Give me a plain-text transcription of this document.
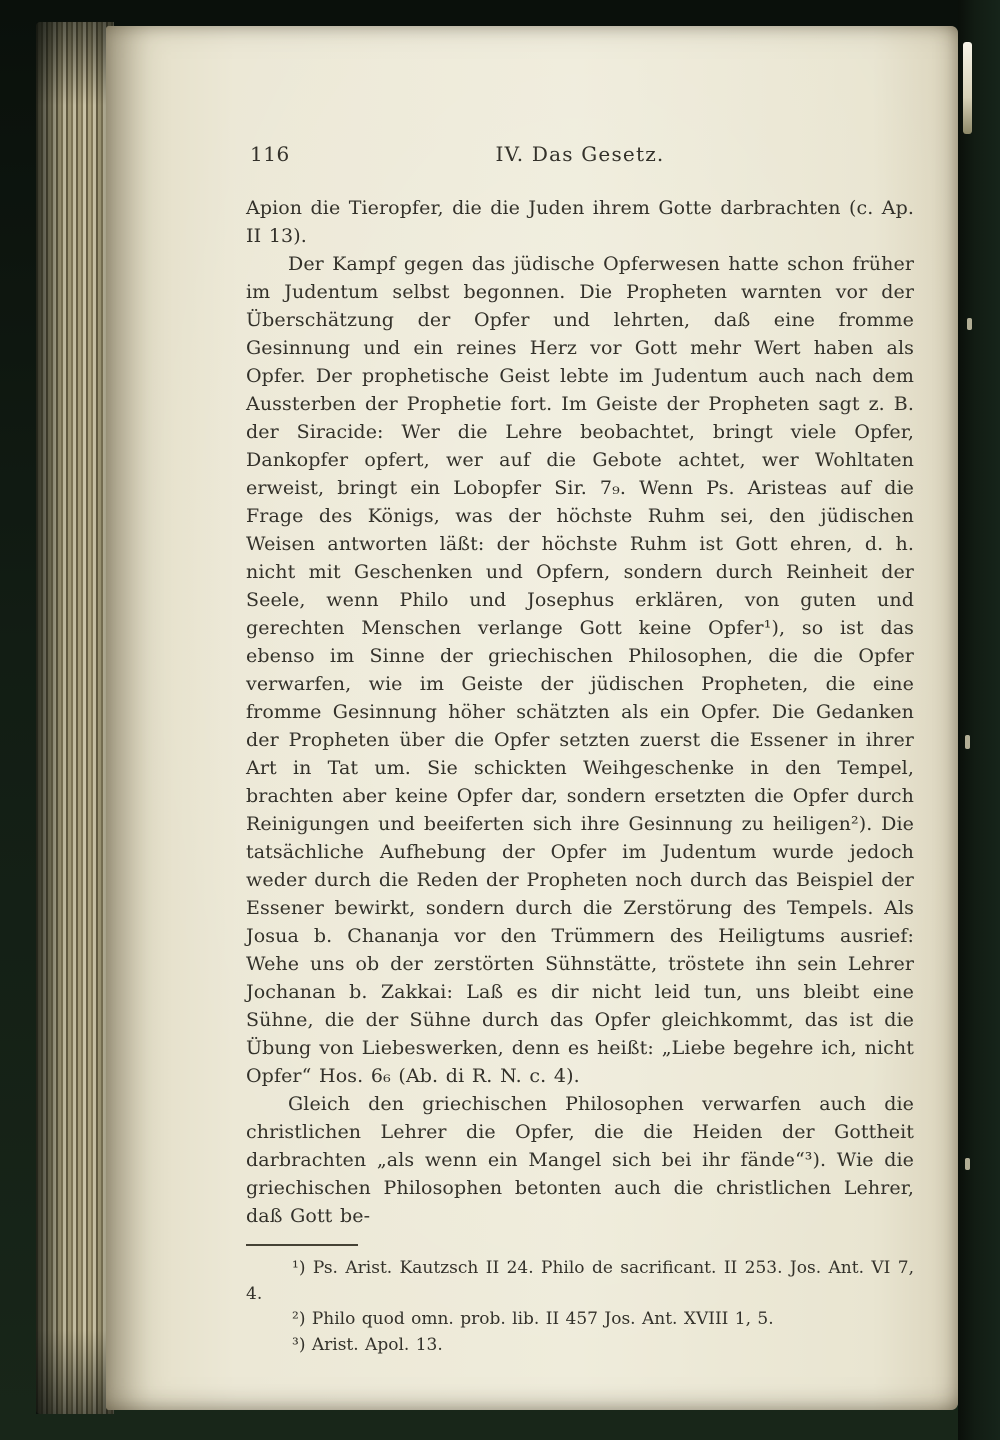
116	IV. Das Gesetz.

Apion die Tieropfer, die die Juden ihrem Gotte darbrachten (c. Ap. II 13).

Der Kampf gegen das jüdische Opferwesen hatte schon früher im Judentum selbst begonnen. Die Propheten warnten vor der Überschätzung der Opfer und lehrten, daß eine fromme Gesinnung und ein reines Herz vor Gott mehr Wert haben als Opfer. Der prophetische Geist lebte im Judentum auch nach dem Aussterben der Prophetie fort. Im Geiste der Propheten sagt z. B. der Siracide: Wer die Lehre beobachtet, bringt viele Opfer, Dankopfer opfert, wer auf die Gebote achtet, wer Wohltaten erweist, bringt ein Lobopfer Sir. 7₉. Wenn Ps. Aristeas auf die Frage des Königs, was der höchste Ruhm sei, den jüdischen Weisen antworten läßt: der höchste Ruhm ist Gott ehren, d. h. nicht mit Geschenken und Opfern, sondern durch Reinheit der Seele, wenn Philo und Josephus erklären, von guten und gerechten Menschen verlange Gott keine Opfer¹), so ist das ebenso im Sinne der griechischen Philosophen, die die Opfer verwarfen, wie im Geiste der jüdischen Propheten, die eine fromme Gesinnung höher schätzten als ein Opfer. Die Gedanken der Propheten über die Opfer setzten zuerst die Essener in ihrer Art in Tat um. Sie schickten Weihgeschenke in den Tempel, brachten aber keine Opfer dar, sondern ersetzten die Opfer durch Reinigungen und beeiferten sich ihre Gesinnung zu heiligen²). Die tatsächliche Aufhebung der Opfer im Judentum wurde jedoch weder durch die Reden der Propheten noch durch das Beispiel der Essener bewirkt, sondern durch die Zerstörung des Tempels. Als Josua b. Chananja vor den Trümmern des Heiligtums ausrief: Wehe uns ob der zerstörten Sühnstätte, tröstete ihn sein Lehrer Jochanan b. Zakkai: Laß es dir nicht leid tun, uns bleibt eine Sühne, die der Sühne durch das Opfer gleichkommt, das ist die Übung von Liebeswerken, denn es heißt: „Liebe begehre ich, nicht Opfer“ Hos. 6₆ (Ab. di R. N. c. 4).

Gleich den griechischen Philosophen verwarfen auch die christlichen Lehrer die Opfer, die die Heiden der Gottheit darbrachten „als wenn ein Mangel sich bei ihr fände“³). Wie die griechischen Philosophen betonten auch die christlichen Lehrer, daß Gott be-

¹) Ps. Arist. Kautzsch II 24. Philo de sacrificant. II 253. Jos. Ant. VI 7, 4.

²) Philo quod omn. prob. lib. II 457 Jos. Ant. XVIII 1, 5.

³) Arist. Apol. 13.
